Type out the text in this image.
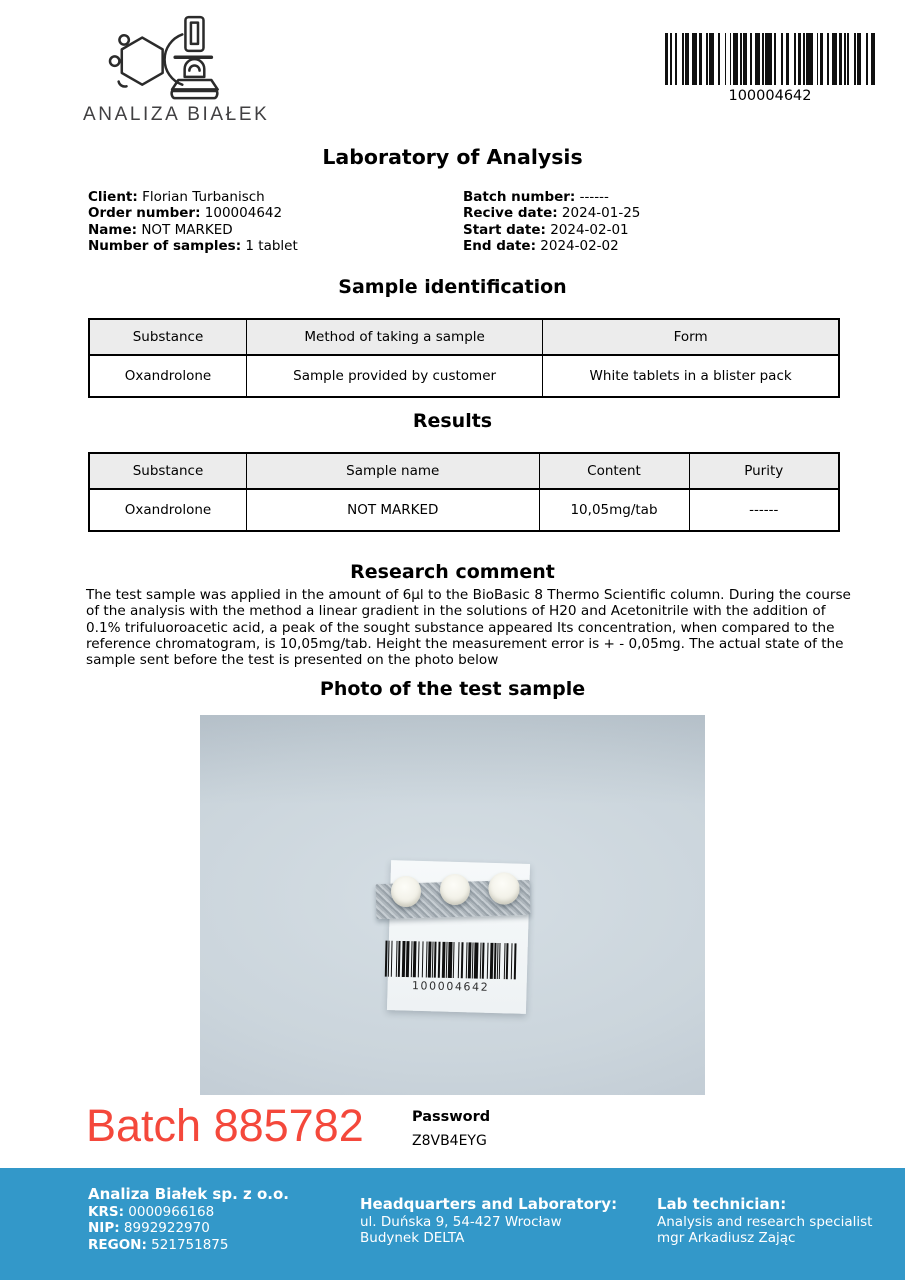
ANALIZA BIAŁEK
100004642
Laboratory of Analysis
Client: Florian Turbanisch
Order number: 100004642
Name: NOT MARKED
Number of samples: 1 tablet
Batch number: ------
Recive date: 2024-01-25
Start date: 2024-02-01
End date: 2024-02-02
Sample identification
Substance	Method of taking a sample	Form
Oxandrolone	Sample provided by customer	White tablets in a blister pack
Results
Substance	Sample name	Content	Purity
Oxandrolone	NOT MARKED	10,05mg/tab	------
Research comment
The test sample was applied in the amount of 6µl to the BioBasic 8 Thermo Scientific column. During the course of the analysis with the method a linear gradient in the solutions of H20 and Acetonitrile with the addition of 0.1% trifuluoroacetic acid, a peak of the sought substance appeared Its concentration, when compared to the reference chromatogram, is 10,05mg/tab. Height the measurement error is + - 0,05mg. The actual state of the sample sent before the test is presented on the photo below
Photo of the test sample
100004642
Batch 885782	Password
Z8VB4EYG
Analiza Białek sp. z o.o.
KRS: 0000966168
NIP: 8992922970
REGON: 521751875
Headquarters and Laboratory:
ul. Duńska 9, 54-427 Wrocław
Budynek DELTA
Lab technician:
Analysis and research specialist
mgr Arkadiusz Zając
